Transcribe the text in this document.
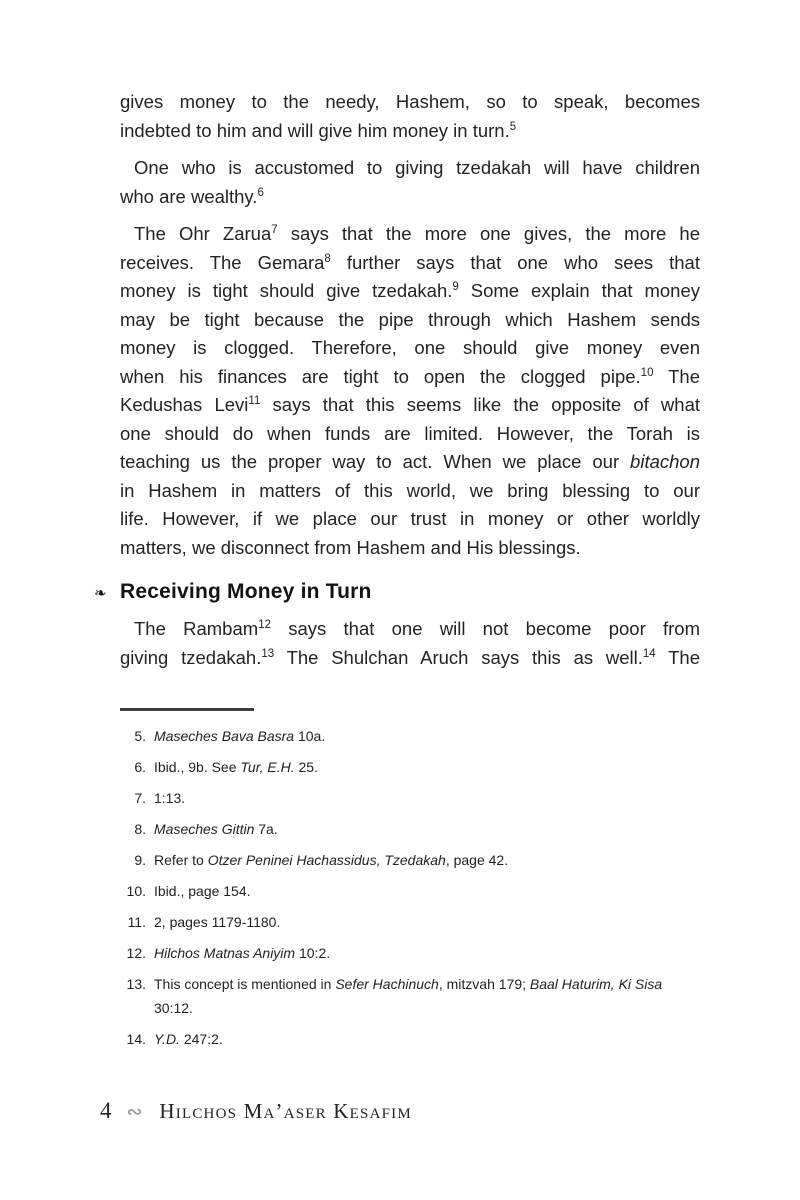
gives money to the needy, Hashem, so to speak, becomes
indebted to him and will give him money in turn.$^5$
One who is accustomed to giving tzedakah will have children
who are wealthy.$^6$
The Ohr Zarua$^7$ says that the more one gives, the more he
receives. The Gemara$^8$ further says that one who sees that
money is tight should give tzedakah.$^9$ Some explain that money
may be tight because the pipe through which Hashem sends
money is clogged. Therefore, one should give money even
when his finances are tight to open the clogged pipe.$^{10}$ The
Kedushas Levi$^{11}$ says that this seems like the opposite of what
one should do when funds are limited. However, the Torah is
teaching us the proper way to act. When we place our bitachon
in Hashem in matters of this world, we bring blessing to our
life. However, if we place our trust in money or other worldly
matters, we disconnect from Hashem and His blessings.
❧ Receiving Money in Turn
The Rambam$^{12}$ says that one will not become poor from
giving tzedakah.$^{13}$ The Shulchan Aruch says this as well.$^{14}$ The
5. Maseches Bava Basra 10a.
6. Ibid., 9b. See Tur, E.H. 25.
7. 1:13.
8. Maseches Gittin 7a.
9. Refer to Otzer Peninei Hachassidus, Tzedakah, page 42.
10. Ibid., page 154.
11. 2, pages 1179-1180.
12. Hilchos Matnas Aniyim 10:2.
13. This concept is mentioned in Sefer Hachinuch, mitzvah 179; Baal Haturim, Ki Sisa
30:12.
14. Y.D. 247:2.
4 ∾ Hilchos Ma’aser Kesafim
